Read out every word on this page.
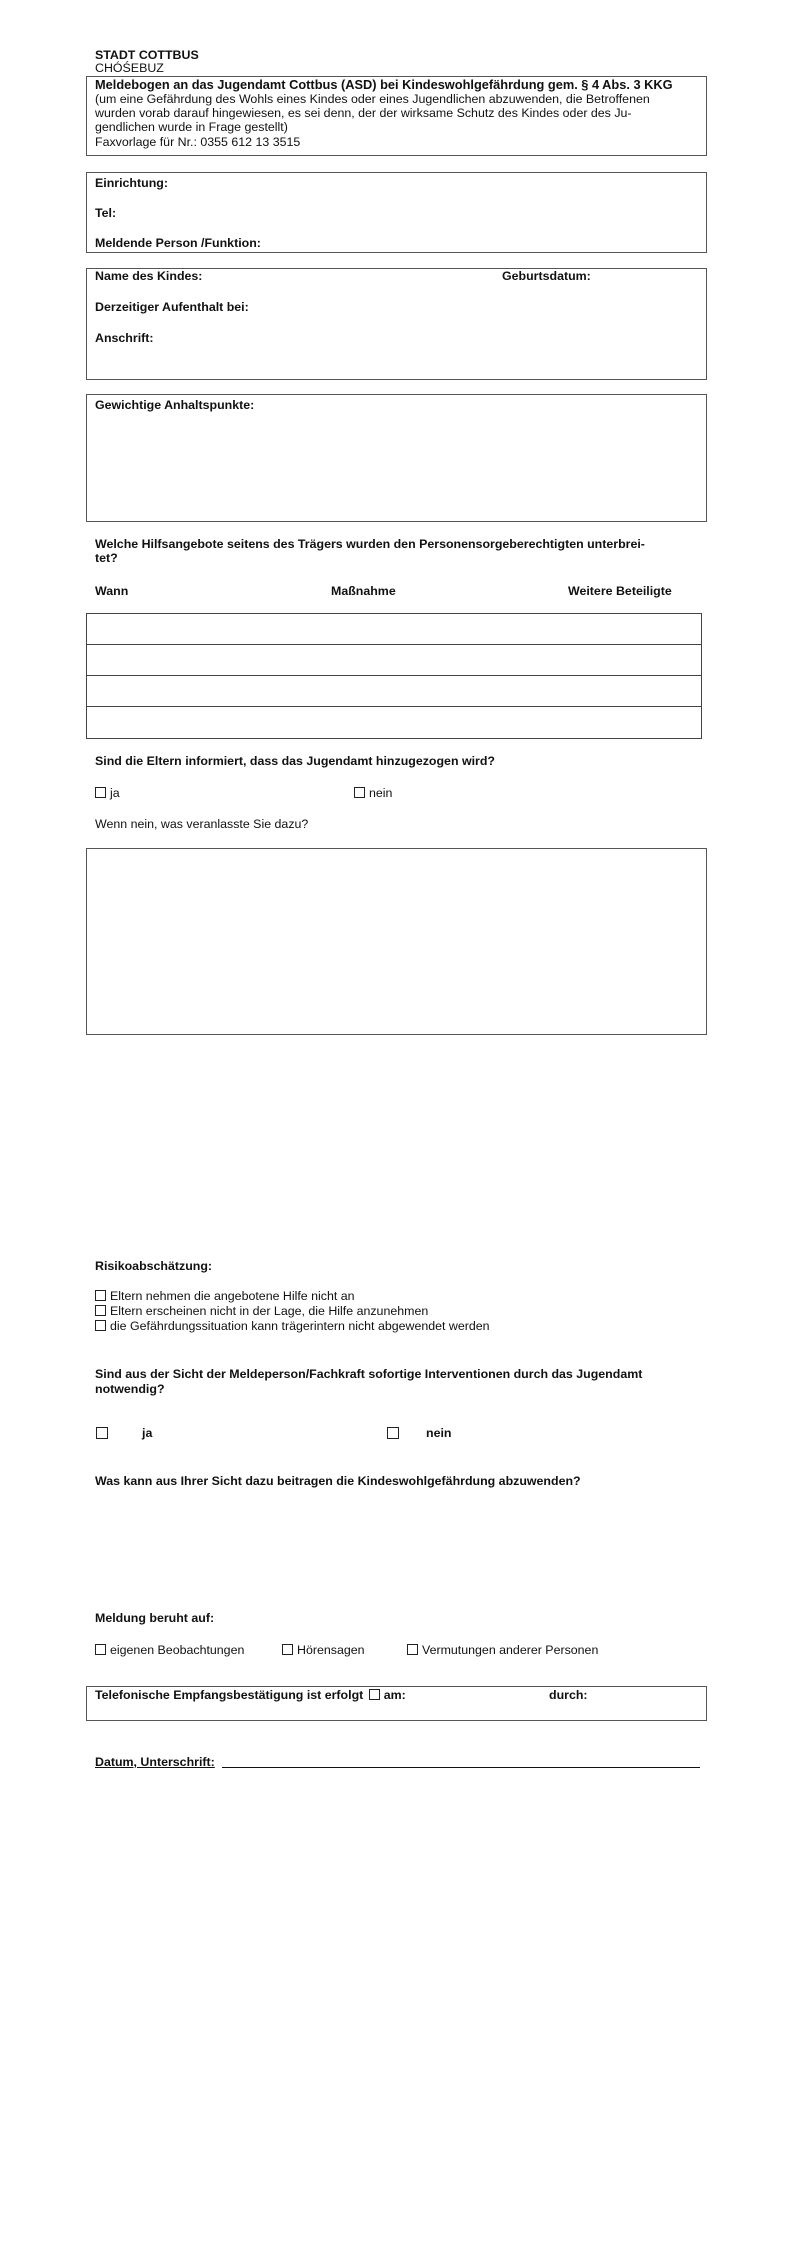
STADT COTTBUS
CHÓŚEBUZ
Meldebogen an das Jugendamt Cottbus (ASD) bei Kindeswohlgefährdung gem. § 4 Abs. 3 KKG
(um eine Gefährdung des Wohls eines Kindes oder eines Jugendlichen abzuwenden, die Betroffenen
wurden vorab darauf hingewiesen, es sei denn, der der wirksame Schutz des Kindes oder des Ju-
gendlichen wurde in Frage gestellt)
Faxvorlage für Nr.: 0355 612 13 3515
Einrichtung:
Tel:
Meldende Person /Funktion:
Name des Kindes:	Geburtsdatum:
Derzeitiger Aufenthalt bei:
Anschrift:
Gewichtige Anhaltspunkte:
Welche Hilfsangebote seitens des Trägers wurden den Personensorgeberechtigten unterbrei-
tet?
Wann	Maßnahme	Weitere Beteiligte
Sind die Eltern informiert, dass das Jugendamt hinzugezogen wird?
ja	nein
Wenn nein, was veranlasste Sie dazu?
Risikoabschätzung:
Eltern nehmen die angebotene Hilfe nicht an
Eltern erscheinen nicht in der Lage, die Hilfe anzunehmen
die Gefährdungssituation kann trägerintern nicht abgewendet werden
Sind aus der Sicht der Meldeperson/Fachkraft sofortige Interventionen durch das Jugendamt
notwendig?
ja	nein
Was kann aus Ihrer Sicht dazu beitragen die Kindeswohlgefährdung abzuwenden?
Meldung beruht auf:
eigenen Beobachtungen	Hörensagen	Vermutungen anderer Personen
Telefonische Empfangsbestätigung ist erfolgt am:	durch:
Datum, Unterschrift:
